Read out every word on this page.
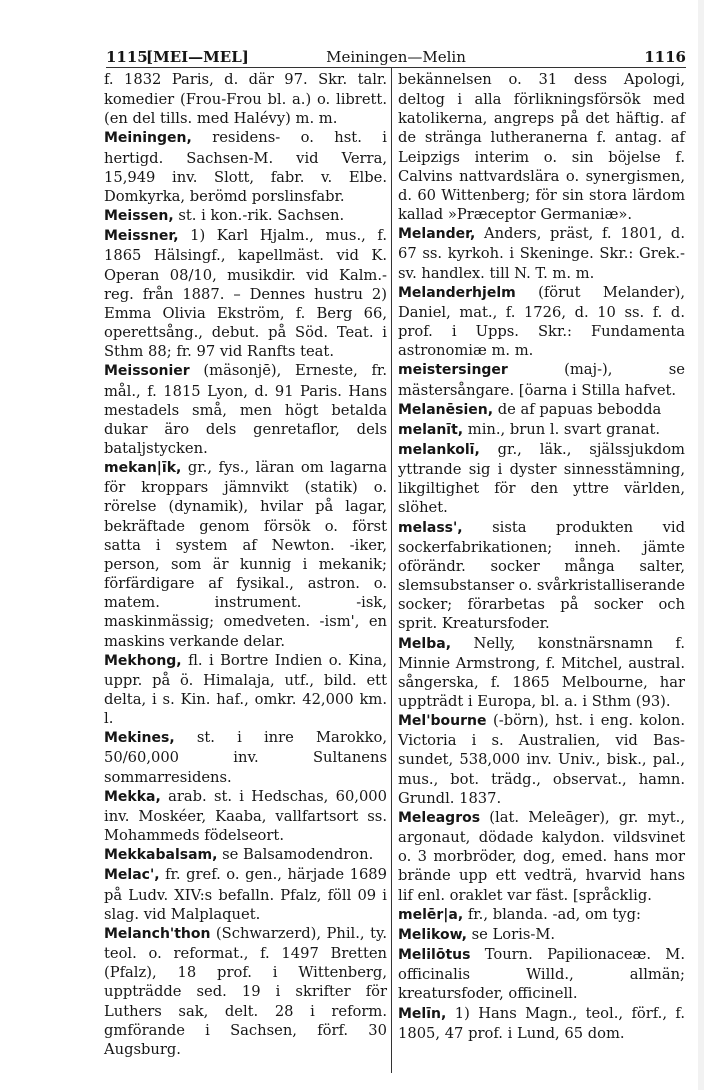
1115
[MEI—MEL]	Meiningen—Melin	1116
f. 1832 Paris, d. där 97. Skr. talr. komedier (Frou-Frou bl. a.) o. librett. (en del tills. med Halévy) m. m.
Meiningen, residens- o. hst. i hertigd. Sachsen-M. vid Verra, 15,949 inv. Slott, fabr. v. Elbe. Domkyrka, berömd porslinsfabr.
Meissen, st. i kon.-rik. Sachsen.
Meissner, 1) Karl Hjalm., mus., f. 1865 Hälsingf., kapellmäst. vid K. Operan 08/10, musikdir. vid Kalm.-reg. från 1887. – Dennes hustru 2) Emma Olivia Ekström, f. Berg 66, operettsång., debut. på Söd. Teat. i Sthm 88; fr. 97 vid Ranfts teat.
Meissonier (mäsonjē), Erneste, fr. mål., f. 1815 Lyon, d. 91 Paris. Hans mestadels små, men högt betalda dukar äro dels genretaflor, dels bataljstycken.
mekan|īk, gr., fys., läran om lagarna för kroppars jämnvikt (statik) o. rörelse (dynamik), hvilar på lagar, bekräftade genom försök o. först satta i system af Newton. -iker, person, som är kunnig i mekanik; förfärdigare af fysikal., astron. o. matem. instrument. -isk, maskinmässig; omedveten. -ism', en maskins verkande delar.
Mekhong, fl. i Bortre Indien o. Kina, uppr. på ö. Himalaja, utf., bild. ett delta, i s. Kin. haf., omkr. 42,000 km. l.
Mekines, st. i inre Marokko, 50/60,000 inv. Sultanens sommarresidens.
Mekka, arab. st. i Hedschas, 60,000 inv. Moskéer, Kaaba, vallfartsort ss. Mohammeds födelseort.
Mekkabalsam, se Balsamodendron.
Melac', fr. gref. o. gen., härjade 1689 på Ludv. XIV:s befalln. Pfalz, föll 09 i slag. vid Malplaquet.
Melanch'thon (Schwarzerd), Phil., ty. teol. o. reformat., f. 1497 Bretten (Pfalz), 18 prof. i Wittenberg, uppträdde sed. 19 i skrifter för Luthers sak, delt. 28 i reform. gmförande i Sachsen, förf. 30 Augsburg.
bekännelsen o. 31 dess Apologi, deltog i alla förlikningsförsök med katolikerna, angreps på det häftig. af de stränga lutheranerna f. antag. af Leipzigs interim o. sin böjelse f. Calvins nattvardslära o. synergismen, d. 60 Wittenberg; för sin stora lärdom kallad »Præceptor Germaniæ».
Melander, Anders, präst, f. 1801, d. 67 ss. kyrkoh. i Skeninge. Skr.: Grek.-sv. handlex. till N. T. m. m.
Melanderhjelm (förut Melander), Daniel, mat., f. 1726, d. 10 ss. f. d. prof. i Upps. Skr.: Fundamenta astronomiæ m. m.
meistersinger (maj-), se mästersångare. [öarna i Stilla hafvet.
Melanēsien, de af papuas bebodda
melanīt, min., brun l. svart granat.
melankolī, gr., läk., själssjukdom yttrande sig i dyster sinnesstämning, likgiltighet för den yttre världen, slöhet.
melass', sista produkten vid sockerfabrikationen; inneh. jämte oförändr. socker många salter, slemsubstanser o. svårkristalliserande socker; förarbetas på socker och sprit. Kreatursfoder.
Melba, Nelly, konstnärsnamn f. Minnie Armstrong, f. Mitchel, austral. sångerska, f. 1865 Melbourne, har uppträdt i Europa, bl. a. i Sthm (93).
Mel'bourne (-börn), hst. i eng. kolon. Victoria i s. Australien, vid Bas-sundet, 538,000 inv. Univ., bisk., pal., mus., bot. trädg., observat., hamn. Grundl. 1837.
Meleagros (lat. Meleāger), gr. myt., argonaut, dödade kalydon. vildsvinet o. 3 morbröder, dog, emed. hans mor brände upp ett vedträ, hvarvid hans lif enl. oraklet var fäst. [språcklig.
melēr|a, fr., blanda. -ad, om tyg:
Melikow, se Loris-M.
Melilōtus Tourn. Papilionaceæ. M. officinalis Willd., allmän; kreatursfoder, officinell.
Melīn, 1) Hans Magn., teol., förf., f. 1805, 47 prof. i Lund, 65 dom.
